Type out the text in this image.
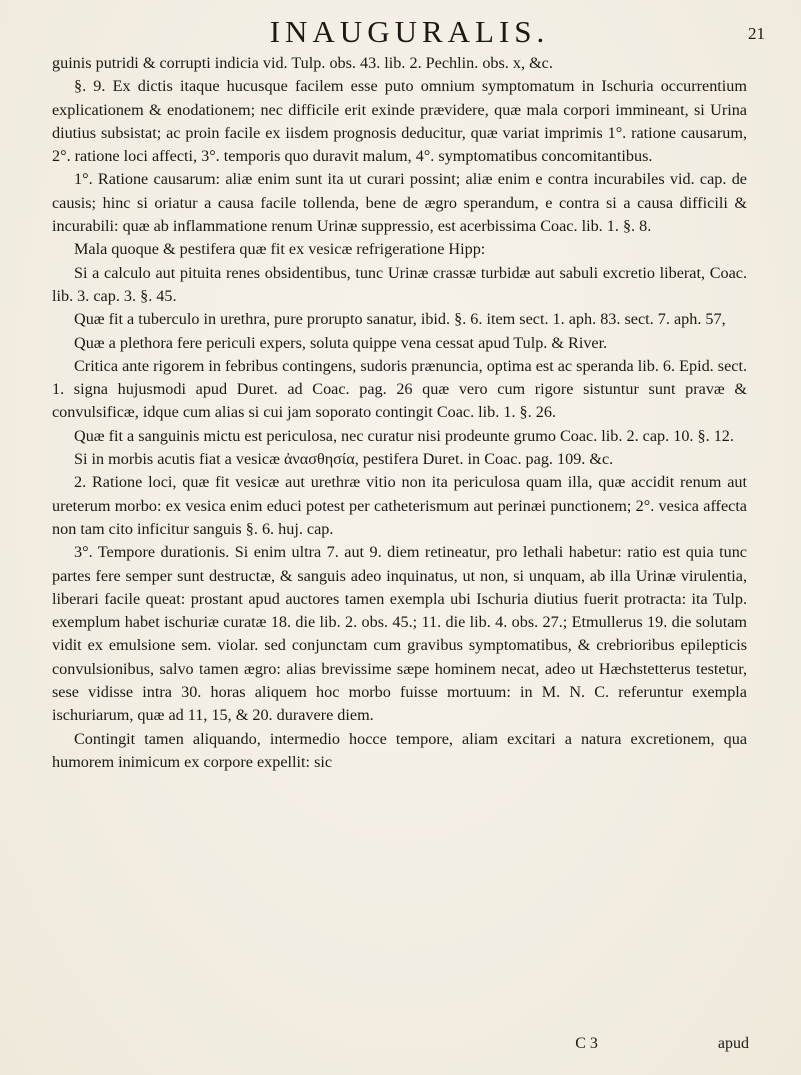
INAUGURALIS.	21

guinis putridi & corrupti indicia vid. Tulp. obs. 43. lib. 2. Pechlin. obs. x, &c.

§. 9. Ex dictis itaque hucusque facilem esse puto omnium symptomatum in Ischuria occurrentium explicationem & enodationem; nec difficile erit exinde prævidere, quæ mala corpori immineant, si Urina diutius subsistat; ac proin facile ex iisdem prognosis deducitur, quæ variat imprimis 1°. ratione causarum, 2°. ratione loci affecti, 3°. temporis quo duravit malum, 4°. symptomatibus concomitantibus.

1°. Ratione causarum: aliæ enim sunt ita ut curari possint; aliæ enim e contra incurabiles vid. cap. de causis; hinc si oriatur a causa facile tollenda, bene de ægro sperandum, e contra si a causa difficili & incurabili: quæ ab inflammatione renum Urinæ suppressio, est acerbissima Coac. lib. 1. §. 8.

Mala quoque & pestifera quæ fit ex vesicæ refrigeratione Hipp:

Si a calculo aut pituita renes obsidentibus, tunc Urinæ crassæ turbidæ aut sabuli excretio liberat, Coac. lib. 3. cap. 3. §. 45.

Quæ fit a tuberculo in urethra, pure prorupto sanatur, ibid. §. 6. item sect. 1. aph. 83. sect. 7. aph. 57,

Quæ a plethora fere periculi expers, soluta quippe vena cessat apud Tulp. & River.

Critica ante rigorem in febribus contingens, sudoris prænuncia, optima est ac speranda lib. 6. Epid. sect. 1. signa hujusmodi apud Duret. ad Coac. pag. 26 quæ vero cum rigore sistuntur sunt pravæ & convulsificæ, idque cum alias si cui jam soporato contingit Coac. lib. 1. §. 26.

Quæ fit a sanguinis mictu est periculosa, nec curatur nisi prodeunte grumo Coac. lib. 2. cap. 10. §. 12.

Si in morbis acutis fiat a vesicæ ἀνασθησία, pestifera Duret. in Coac. pag. 109. &c.

2. Ratione loci, quæ fit vesicæ aut urethræ vitio non ita periculosa quam illa, quæ accidit renum aut ureterum morbo: ex vesica enim educi potest per catheterismum aut perinæi punctionem; 2°. vesica affecta non tam cito inficitur sanguis §. 6. huj. cap.

3°. Tempore durationis. Si enim ultra 7. aut 9. diem retineatur, pro lethali habetur: ratio est quia tunc partes fere semper sunt destructæ, & sanguis adeo inquinatus, ut non, si unquam, ab illa Urinæ virulentia, liberari facile queat: prostant apud auctores tamen exempla ubi Ischuria diutius fuerit protracta: ita Tulp. exemplum habet ischuriæ curatæ 18. die lib. 2. obs. 45.; 11. die lib. 4. obs. 27.; Etmullerus 19. die solutam vidit ex emulsione sem. violar. sed conjunctam cum gravibus symptomatibus, & crebrioribus epilepticis convulsionibus, salvo tamen ægro: alias brevissime sæpe hominem necat, adeo ut Hæchstetterus testetur, sese vidisse intra 30. horas aliquem hoc morbo fuisse mortuum: in M. N. C. referuntur exempla ischuriarum, quæ ad 11, 15, & 20. duravere diem.

Contingit tamen aliquando, intermedio hocce tempore, aliam excitari a natura excretionem, qua humorem inimicum ex corpore expellit: sic

C 3	apud
